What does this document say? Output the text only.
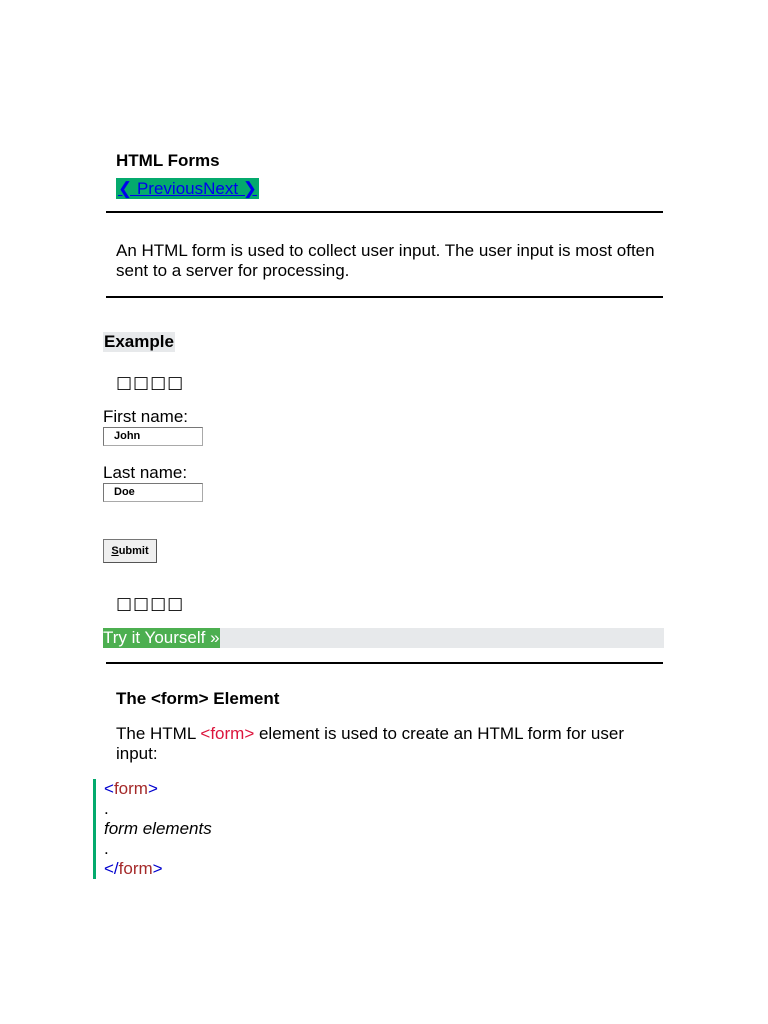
HTML Forms
❮ Previous Next ❯
An HTML form is used to collect user input. The user input is most often sent to a server for processing.
Example
□□□□
First name:
John
Last name:
Doe
Submit
□□□□
Try it Yourself »
The <form> Element
The HTML <form> element is used to create an HTML form for user input:
<form>
.
form elements
.
</form>
